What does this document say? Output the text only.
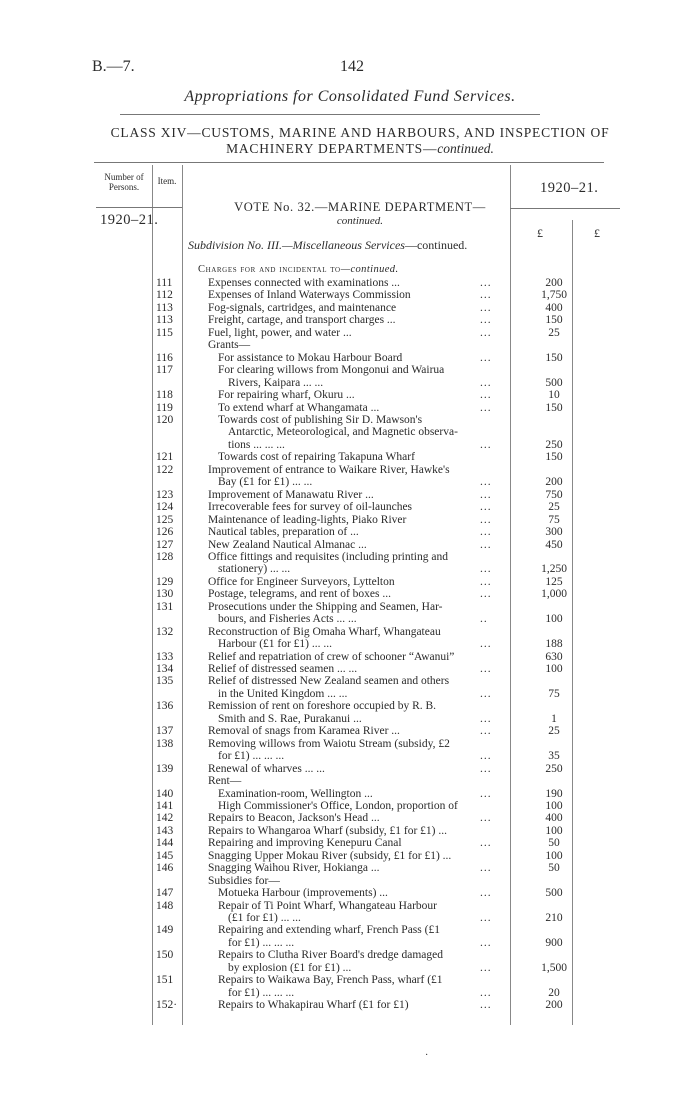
B.—7.	142
Appropriations for Consolidated Fund Services.
CLASS XIV—CUSTOMS, MARINE AND HARBOURS, AND INSPECTION OF
MACHINERY DEPARTMENTS—continued.
Number of Persons.
Item.
1920–21.
1920–21.
£	£
VOTE No. 32.—MARINE DEPARTMENT—
continued.
Subdivision No. III.—Miscellaneous Services—continued.
Charges for and incidental to—continued.
111	Expenses connected with examinations ...	...	200
112	Expenses of Inland Waterways Commission	...	1,750
113	Fog-signals, cartridges, and maintenance	...	400
113	Freight, cartage, and transport charges ...	...	150
115	Fuel, light, power, and water ...	...	25
Grants—
116	For assistance to Mokau Harbour Board	...	150
117	For clearing willows from Mongonui and Wairua
Rivers, Kaipara ... ...	...	500
118	For repairing wharf, Okuru ...	...	10
119	To extend wharf at Whangamata ...	...	150
120	Towards cost of publishing Sir D. Mawson's
Antarctic, Meteorological, and Magnetic observa-
tions ... ... ...	...	250
121	Towards cost of repairing Takapuna Wharf	150
122	Improvement of entrance to Waikare River, Hawke's
Bay (£1 for £1) ... ...	...	200
123	Improvement of Manawatu River ...	...	750
124	Irrecoverable fees for survey of oil-launches	...	25
125	Maintenance of leading-lights, Piako River	...	75
126	Nautical tables, preparation of ...	...	300
127	New Zealand Nautical Almanac ...	...	450
128	Office fittings and requisites (including printing and
stationery) ... ...	...	1,250
129	Office for Engineer Surveyors, Lyttelton	...	125
130	Postage, telegrams, and rent of boxes ...	...	1,000
131	Prosecutions under the Shipping and Seamen, Har-
bours, and Fisheries Acts ... ...	..	100
132	Reconstruction of Big Omaha Wharf, Whangateau
Harbour (£1 for £1) ... ...	...	188
133	Relief and repatriation of crew of schooner “Awanui”	630
134	Relief of distressed seamen ... ...	...	100
135	Relief of distressed New Zealand seamen and others
in the United Kingdom ... ...	...	75
136	Remission of rent on foreshore occupied by R. B.
Smith and S. Rae, Purakanui ...	...	1
137	Removal of snags from Karamea River ...	...	25
138	Removing willows from Waiotu Stream (subsidy, £2
for £1) ... ... ...	...	35
139	Renewal of wharves ... ...	...	250
Rent—
140	Examination-room, Wellington ...	...	190
141	High Commissioner's Office, London, proportion of	100
142	Repairs to Beacon, Jackson's Head ...	...	400
143	Repairs to Whangaroa Wharf (subsidy, £1 for £1) ...	100
144	Repairing and improving Kenepuru Canal	...	50
145	Snagging Upper Mokau River (subsidy, £1 for £1) ...	100
146	Snagging Waihou River, Hokianga ...	...	50
Subsidies for—
147	Motueka Harbour (improvements) ...	...	500
148	Repair of Ti Point Wharf, Whangateau Harbour
(£1 for £1) ... ...	...	210
149	Repairing and extending wharf, French Pass (£1
for £1) ... ... ...	...	900
150	Repairs to Clutha River Board's dredge damaged
by explosion (£1 for £1) ...	...	1,500
151	Repairs to Waikawa Bay, French Pass, wharf (£1
for £1) ... ... ...	...	20
152·	Repairs to Whakapirau Wharf (£1 for £1)	...	200
·
